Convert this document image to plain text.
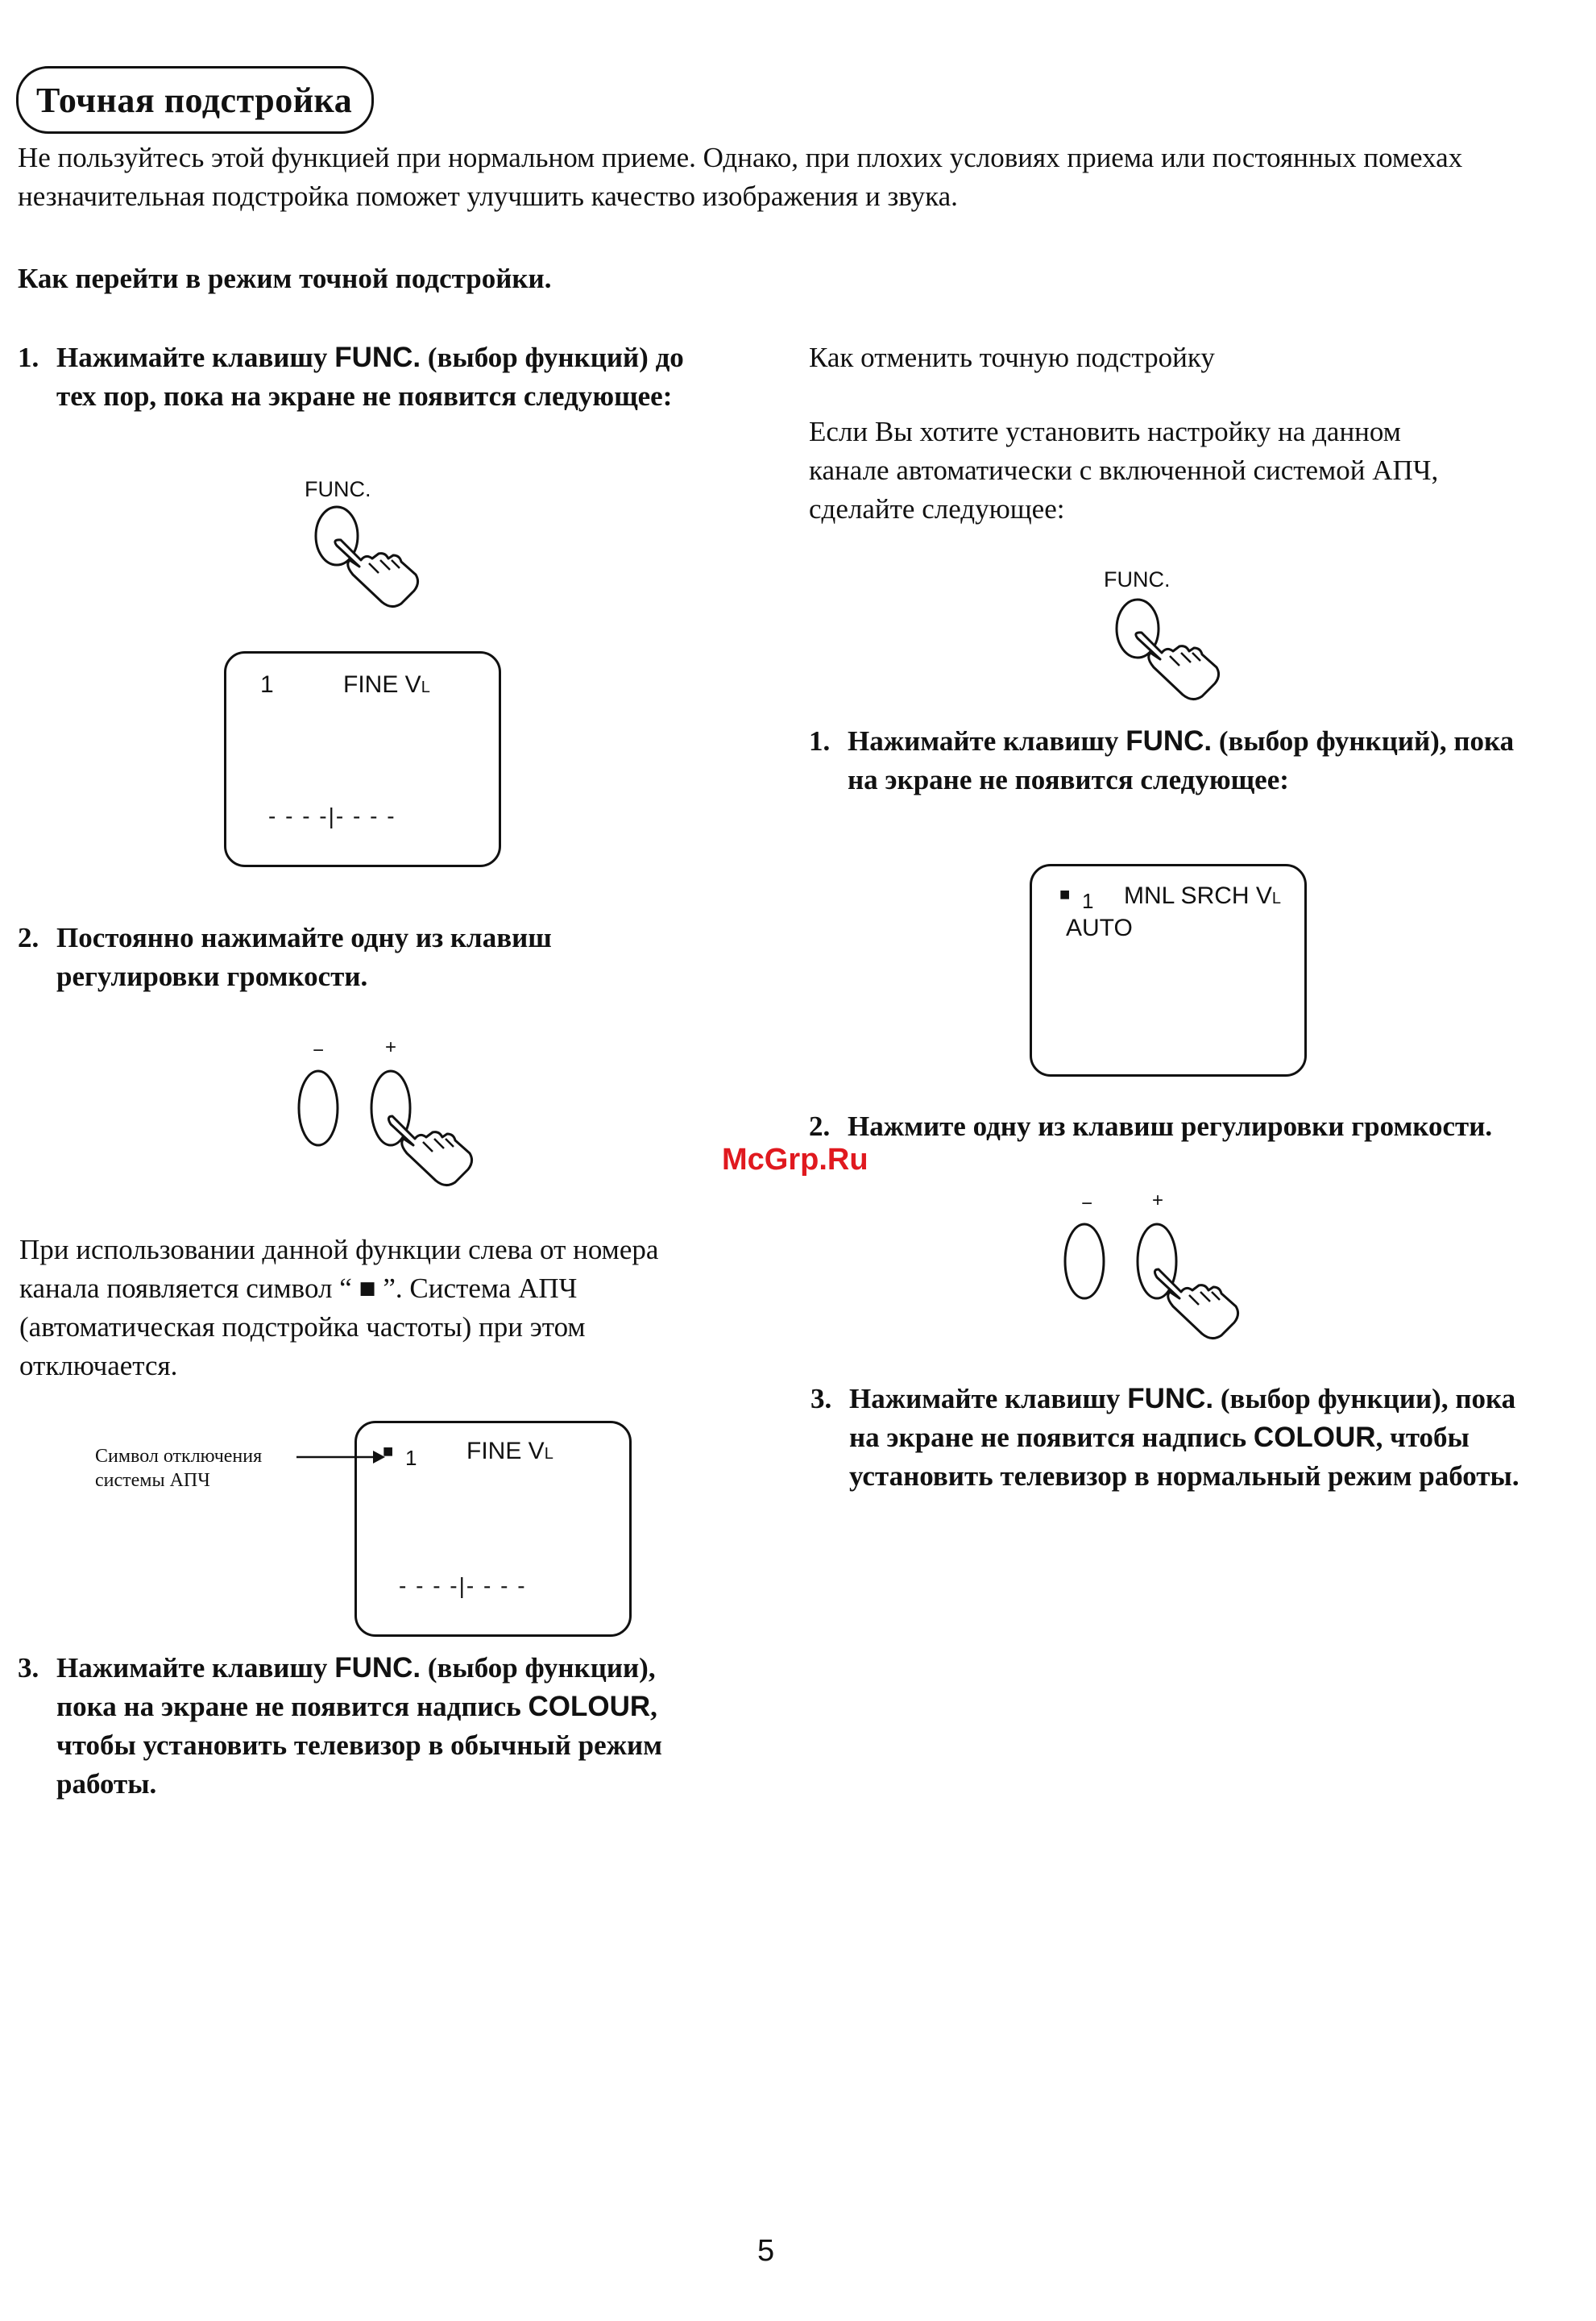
Точная подстройка
Не пользуйтесь этой функцией при нормальном приеме. Однако, при плохих условиях приема или постоянных помехах незначительная подстройка поможет улучшить качество изображения и звука.
Как перейти в режим точной подстройки.
1. Нажимайте клавишу FUNC. (выбор функций) до тех пор, пока на экране не появится следующее:
FUNC.
1	FINE VL
- - - -|- - - -
2. Постоянно нажимайте одну из клавиш регулировки громкости.
−	+
При использовании данной функции слева от номера канала появляется символ “ ■ ”. Система АПЧ (автоматическая подстройка частоты) при этом отключается.
Символ отключения системы АПЧ
■ 1 FINE VL
- - - -|- - - -
3. Нажимайте клавишу FUNC. (выбор функции), пока на экране не появится надпись COLOUR, чтобы установить телевизор в обычный режим работы.
Как отменить точную подстройку
Если Вы хотите установить настройку на данном канале автоматически с включенной системой АПЧ, сделайте следующее:
FUNC.
1. Нажимайте клавишу FUNC. (выбор функций), пока на экране не появится следующее:
■ 1 MNL SRCH VL
AUTO
2. Нажмите одну из клавиш регулировки громкости.
McGrp.Ru
−	+
3. Нажимайте клавишу FUNC. (выбор функции), пока на экране не появится надпись COLOUR, чтобы установить телевизор в нормальный режим работы.
5
